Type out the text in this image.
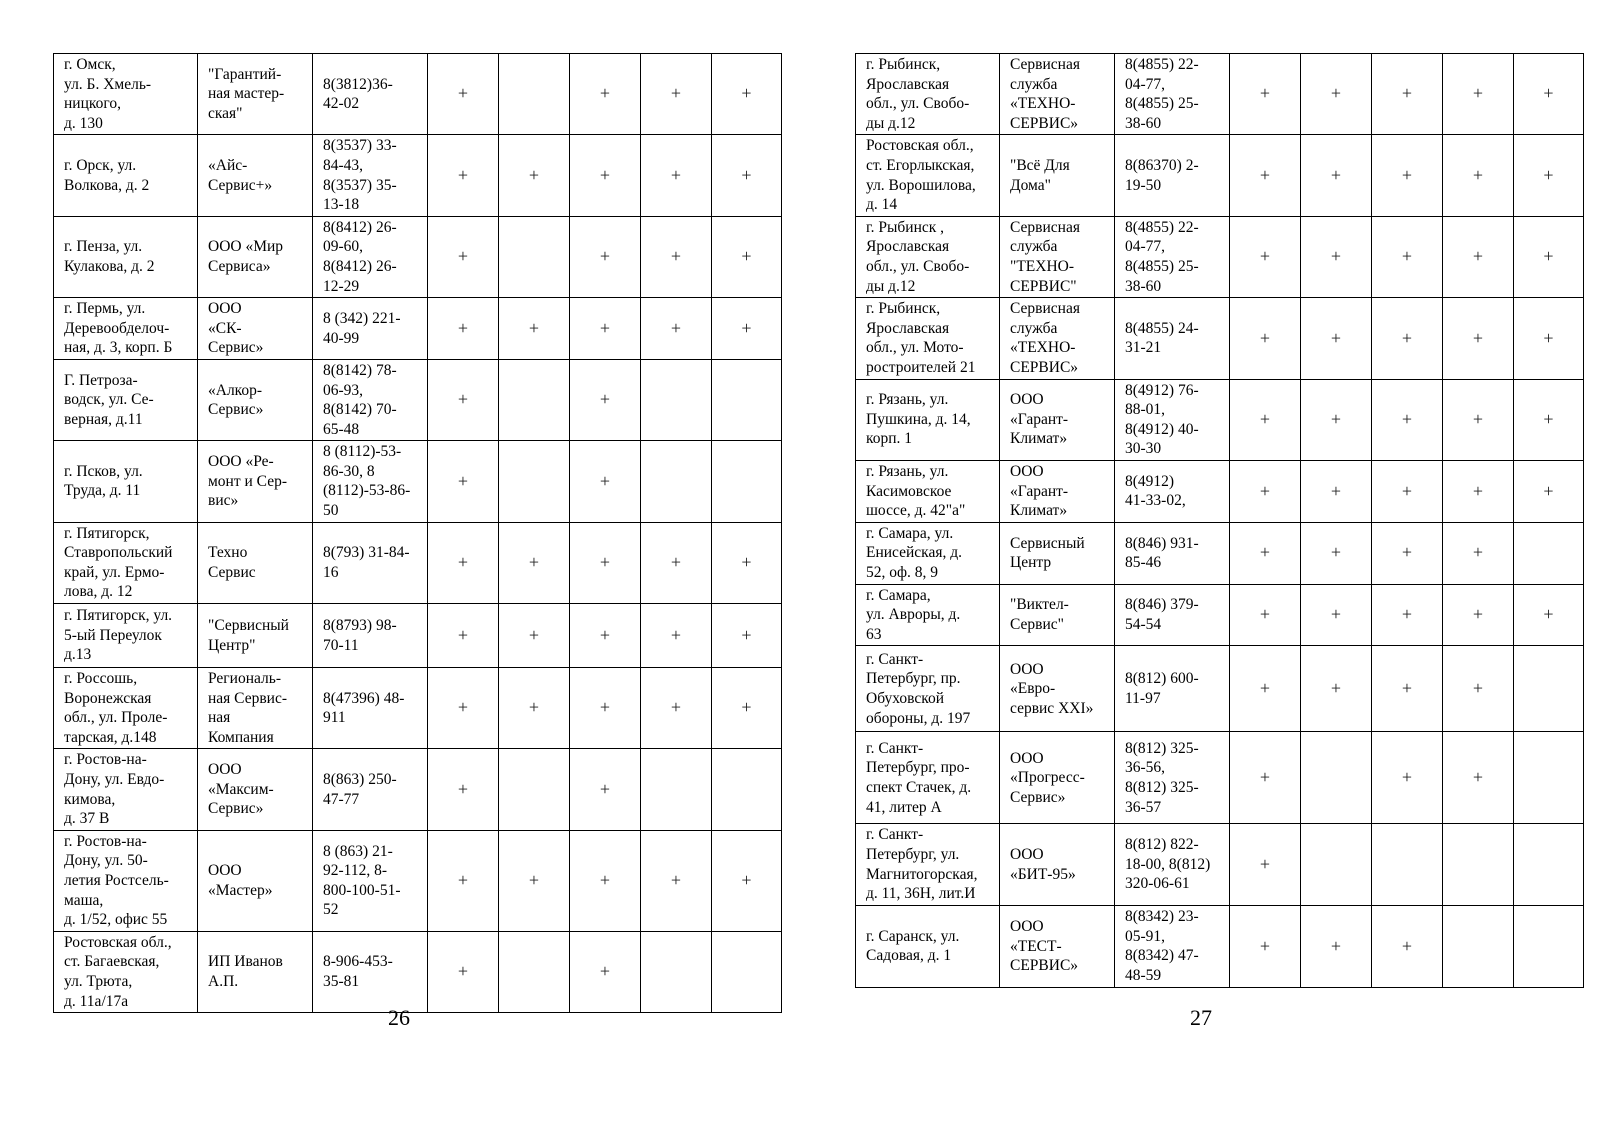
г. Омск,
ул. Б. Хмель-
ницкого,
д. 130	"Гарантий-
ная мастер-
ская"	8(3812)36-
42-02	+		+	+	+
г. Орск, ул.
Волкова, д. 2	«Айс-
Сервис+»	8(3537) 33-
84-43,
8(3537) 35-
13-18	+	+	+	+	+
г. Пенза, ул.
Кулакова, д. 2	ООО «Мир
Сервиса»	8(8412) 26-
09-60,
8(8412) 26-
12-29	+		+	+	+
г. Пермь, ул.
Деревообделоч-
ная, д. 3, корп. Б	ООО
«СК-
Сервис»	8 (342) 221-
40-99	+	+	+	+	+
Г. Петроза-
водск, ул. Се-
верная, д.11	«Алкор-
Сервис»	8(8142) 78-
06-93,
8(8142) 70-
65-48	+		+		
г. Псков, ул.
Труда, д. 11	ООО «Ре-
монт и Сер-
вис»	8 (8112)-53-
86-30, 8
(8112)-53-86-
50	+		+		
г. Пятигорск,
Ставропольский
край, ул. Ермо-
лова, д. 12	Техно
Сервис	8(793) 31-84-
16	+	+	+	+	+
г. Пятигорск, ул.
5-ый Переулок
д.13	"Сервисный
Центр"	8(8793) 98-
70-11	+	+	+	+	+
г. Россошь,
Воронежская
обл., ул. Проле-
тарская, д.148	Региональ-
ная Сервис-
ная
Компания	8(47396) 48-
911	+	+	+	+	+
г. Ростов-на-
Дону, ул. Евдо-
кимова,
д. 37 В	ООО
«Максим-
Сервис»	8(863) 250-
47-77	+		+		
г. Ростов-на-
Дону, ул. 50-
летия Ростсель-
маша,
д. 1/52, офис 55	ООО
«Мастер»	8 (863) 21-
92-112, 8-
800-100-51-
52	+	+	+	+	+
Ростовская обл.,
ст. Багаевская,
ул. Трюта,
д. 11а/17а	ИП Иванов
А.П.	8-906-453-
35-81	+		+		
26
г. Рыбинск,
Ярославская
обл., ул. Свобо-
ды д.12	Сервисная
служба
«ТЕХНО-
СЕРВИС»	8(4855) 22-
04-77,
8(4855) 25-
38-60	+	+	+	+	+
Ростовская обл.,
ст. Егорлыкская,
ул. Ворошилова,
д. 14	"Всё Для
Дома"	8(86370) 2-
19-50	+	+	+	+	+
г. Рыбинск ,
Ярославская
обл., ул. Свобо-
ды д.12	Сервисная
служба
"ТЕХНО-
СЕРВИС"	8(4855) 22-
04-77,
8(4855) 25-
38-60	+	+	+	+	+
г. Рыбинск,
Ярославская
обл., ул. Мото-
ростроителей 21	Сервисная
служба
«ТЕХНО-
СЕРВИС»	8(4855) 24-
31-21	+	+	+	+	+
г. Рязань, ул.
Пушкина, д. 14,
корп. 1	ООО
«Гарант-
Климат»	8(4912) 76-
88-01,
8(4912) 40-
30-30	+	+	+	+	+
г. Рязань, ул.
Касимовское
шоссе, д. 42"а"	ООО
«Гарант-
Климат»	8(4912)
41-33-02,	+	+	+	+	+
г. Самара, ул.
Енисейская, д.
52, оф. 8, 9	Сервисный
Центр	8(846) 931-
85-46	+	+	+	+	
г. Самара,
ул. Авроры, д.
63	"Виктел-
Сервис"	8(846) 379-
54-54	+	+	+	+	+
г. Санкт-
Петербург, пр.
Обуховской
обороны, д. 197	ООО
«Евро-
сервис XXI»	8(812) 600-
11-97	+	+	+	+	
г. Санкт-
Петербург, про-
спект Стачек, д.
41, литер А	ООО
«Прогресс-
Сервис»	8(812) 325-
36-56,
8(812) 325-
36-57	+		+	+	
г. Санкт-
Петербург, ул.
Магнитогорская,
д. 11, 36Н, лит.И	ООО
«БИТ-95»	8(812) 822-
18-00, 8(812)
320-06-61	+				
г. Саранск, ул.
Садовая, д. 1	ООО
«ТЕСТ-
СЕРВИС»	8(8342) 23-
05-91,
8(8342) 47-
48-59	+	+	+		
27
